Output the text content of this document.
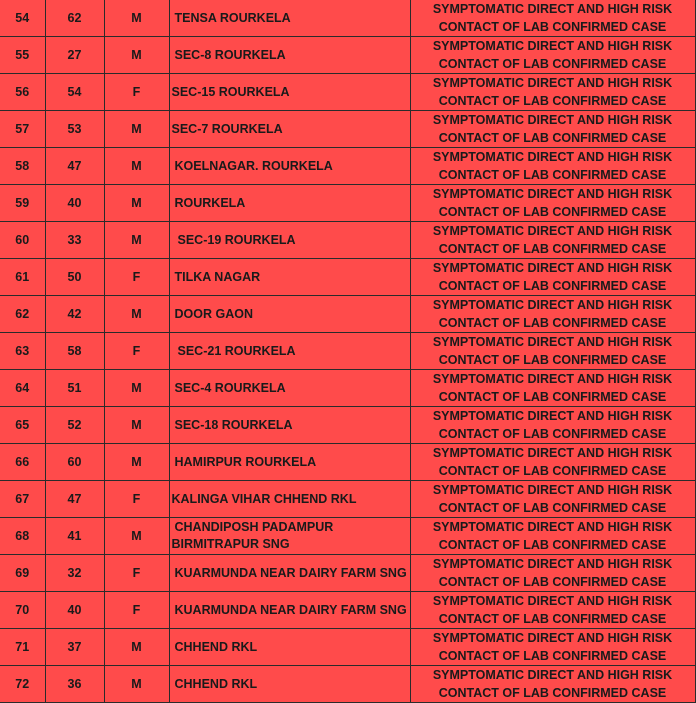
54	62	M	TENSA ROURKELA	SYMPTOMATIC DIRECT AND HIGH RISK
CONTACT OF LAB CONFIRMED CASE

55	27	M	SEC-8 ROURKELA	SYMPTOMATIC DIRECT AND HIGH RISK
CONTACT OF LAB CONFIRMED CASE

56	54	F	SEC-15 ROURKELA	SYMPTOMATIC DIRECT AND HIGH RISK
CONTACT OF LAB CONFIRMED CASE

57	53	M	SEC-7 ROURKELA	SYMPTOMATIC DIRECT AND HIGH RISK
CONTACT OF LAB CONFIRMED CASE

58	47	M	KOELNAGAR. ROURKELA	SYMPTOMATIC DIRECT AND HIGH RISK
CONTACT OF LAB CONFIRMED CASE

59	40	M	ROURKELA	SYMPTOMATIC DIRECT AND HIGH RISK
CONTACT OF LAB CONFIRMED CASE

60	33	M	SEC-19 ROURKELA	SYMPTOMATIC DIRECT AND HIGH RISK
CONTACT OF LAB CONFIRMED CASE

61	50	F	TILKA NAGAR	SYMPTOMATIC DIRECT AND HIGH RISK
CONTACT OF LAB CONFIRMED CASE

62	42	M	DOOR GAON	SYMPTOMATIC DIRECT AND HIGH RISK
CONTACT OF LAB CONFIRMED CASE

63	58	F	SEC-21 ROURKELA	SYMPTOMATIC DIRECT AND HIGH RISK
CONTACT OF LAB CONFIRMED CASE

64	51	M	SEC-4 ROURKELA	SYMPTOMATIC DIRECT AND HIGH RISK
CONTACT OF LAB CONFIRMED CASE

65	52	M	SEC-18 ROURKELA	SYMPTOMATIC DIRECT AND HIGH RISK
CONTACT OF LAB CONFIRMED CASE

66	60	M	HAMIRPUR ROURKELA	SYMPTOMATIC DIRECT AND HIGH RISK
CONTACT OF LAB CONFIRMED CASE

67	47	F	KALINGA VIHAR CHHEND RKL	SYMPTOMATIC DIRECT AND HIGH RISK
CONTACT OF LAB CONFIRMED CASE

68	41	M	CHANDIPOSH PADAMPUR BIRMITRAPUR SNG	SYMPTOMATIC DIRECT AND HIGH RISK
CONTACT OF LAB CONFIRMED CASE

69	32	F	KUARMUNDA NEAR DAIRY FARM SNG	SYMPTOMATIC DIRECT AND HIGH RISK
CONTACT OF LAB CONFIRMED CASE

70	40	F	KUARMUNDA NEAR DAIRY FARM SNG	SYMPTOMATIC DIRECT AND HIGH RISK
CONTACT OF LAB CONFIRMED CASE

71	37	M	CHHEND RKL	SYMPTOMATIC DIRECT AND HIGH RISK
CONTACT OF LAB CONFIRMED CASE

72	36	M	CHHEND RKL	SYMPTOMATIC DIRECT AND HIGH RISK
CONTACT OF LAB CONFIRMED CASE
